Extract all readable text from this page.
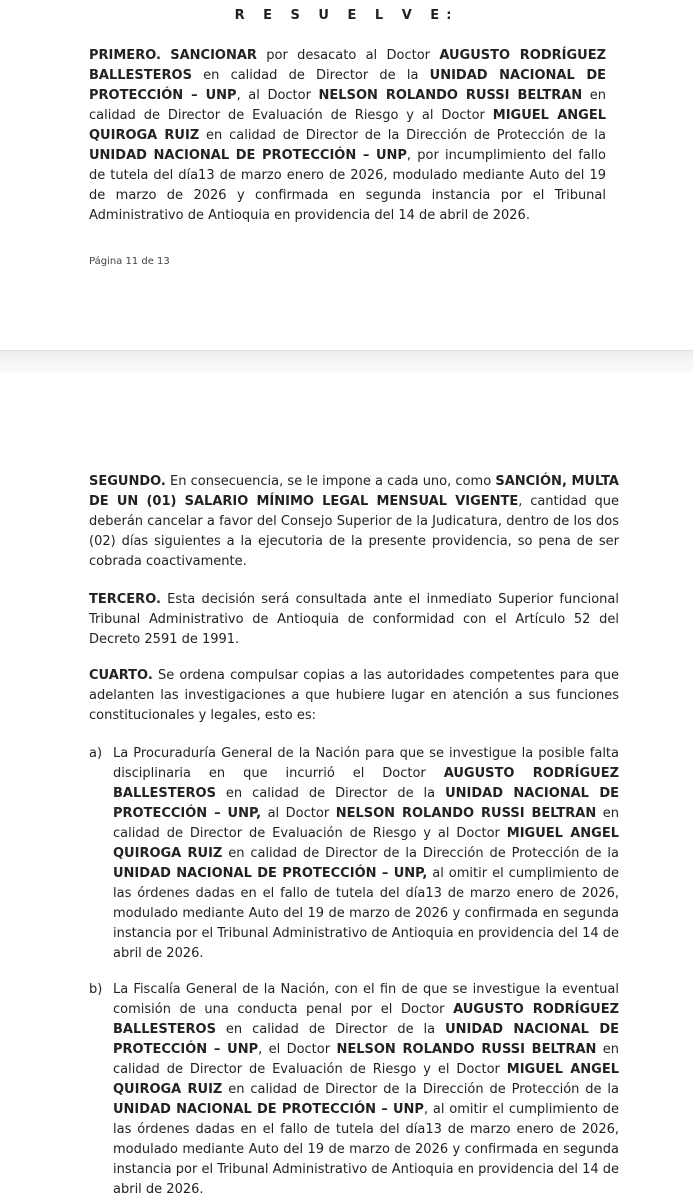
R E S U E L V E:

PRIMERO. SANCIONAR por desacato al Doctor AUGUSTO RODRÍGUEZ BALLESTEROS en calidad de Director de la UNIDAD NACIONAL DE PROTECCIÓN – UNP, al Doctor NELSON ROLANDO RUSSI BELTRAN en calidad de Director de Evaluación de Riesgo y al Doctor MIGUEL ANGEL QUIROGA RUIZ en calidad de Director de la Dirección de Protección de la UNIDAD NACIONAL DE PROTECCIÓN – UNP, por incumplimiento del fallo de tutela del día13 de marzo enero de 2026, modulado mediante Auto del 19 de marzo de 2026 y confirmada en segunda instancia por el Tribunal Administrativo de Antioquia en providencia del 14 de abril de 2026.

Página 11 de 13

SEGUNDO. En consecuencia, se le impone a cada uno, como SANCIÓN, MULTA DE UN (01) SALARIO MÍNIMO LEGAL MENSUAL VIGENTE, cantidad que deberán cancelar a favor del Consejo Superior de la Judicatura, dentro de los dos (02) días siguientes a la ejecutoria de la presente providencia, so pena de ser cobrada coactivamente.

TERCERO. Esta decisión será consultada ante el inmediato Superior funcional Tribunal Administrativo de Antioquia de conformidad con el Artículo 52 del Decreto 2591 de 1991.

CUARTO. Se ordena compulsar copias a las autoridades competentes para que adelanten las investigaciones a que hubiere lugar en atención a sus funciones constitucionales y legales, esto es:

a) La Procuraduría General de la Nación para que se investigue la posible falta disciplinaria en que incurrió el Doctor AUGUSTO RODRÍGUEZ BALLESTEROS en calidad de Director de la UNIDAD NACIONAL DE PROTECCIÓN – UNP, al Doctor NELSON ROLANDO RUSSI BELTRAN en calidad de Director de Evaluación de Riesgo y al Doctor MIGUEL ANGEL QUIROGA RUIZ en calidad de Director de la Dirección de Protección de la UNIDAD NACIONAL DE PROTECCIÓN – UNP, al omitir el cumplimiento de las órdenes dadas en el fallo de tutela del día13 de marzo enero de 2026, modulado mediante Auto del 19 de marzo de 2026 y confirmada en segunda instancia por el Tribunal Administrativo de Antioquia en providencia del 14 de abril de 2026.

b) La Fiscalía General de la Nación, con el fin de que se investigue la eventual comisión de una conducta penal por el Doctor AUGUSTO RODRÍGUEZ BALLESTEROS en calidad de Director de la UNIDAD NACIONAL DE PROTECCIÓN – UNP, el Doctor NELSON ROLANDO RUSSI BELTRAN en calidad de Director de Evaluación de Riesgo y el Doctor MIGUEL ANGEL QUIROGA RUIZ en calidad de Director de la Dirección de Protección de la UNIDAD NACIONAL DE PROTECCIÓN – UNP, al omitir el cumplimiento de las órdenes dadas en el fallo de tutela del día13 de marzo enero de 2026, modulado mediante Auto del 19 de marzo de 2026 y confirmada en segunda instancia por el Tribunal Administrativo de Antioquia en providencia del 14 de abril de 2026.
